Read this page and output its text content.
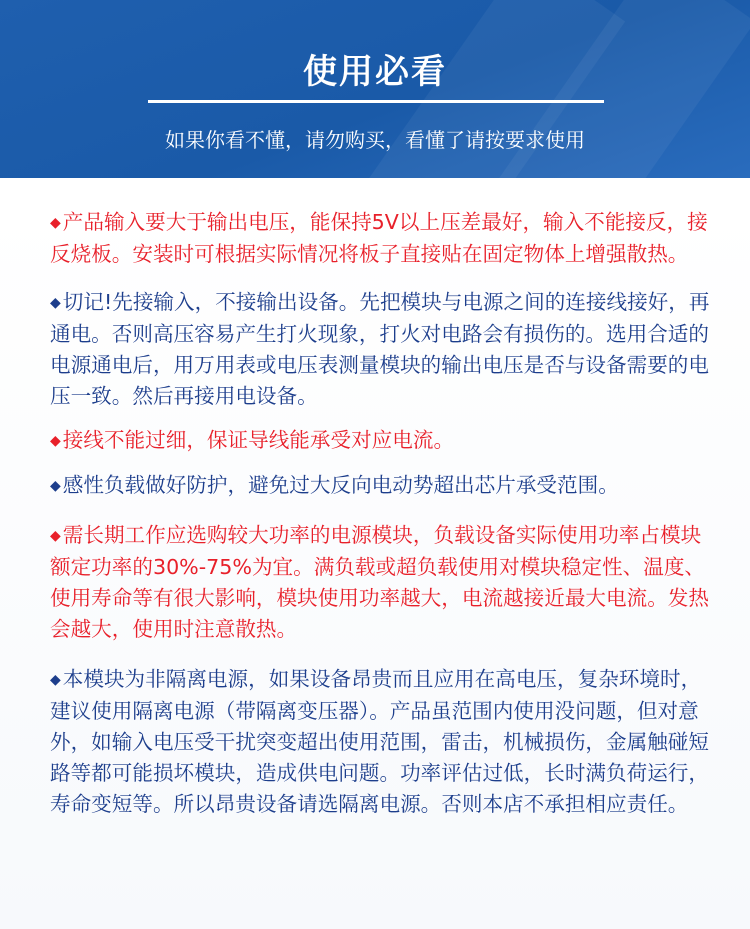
使用必看
如果你看不懂，请勿购买，看懂了请按要求使用

◆产品输入要大于输出电压，能保持5V以上压差最好，输入不能接反，接反烧板。安装时可根据实际情况将板子直接贴在固定物体上增强散热。

◆切记!先接输入，不接输出设备。先把模块与电源之间的连接线接好，再通电。否则高压容易产生打火现象，打火对电路会有损伤的。选用合适的电源通电后，用万用表或电压表测量模块的输出电压是否与设备需要的电压一致。然后再接用电设备。

◆接线不能过细，保证导线能承受对应电流。

◆感性负载做好防护，避免过大反向电动势超出芯片承受范围。

◆需长期工作应选购较大功率的电源模块，负载设备实际使用功率占模块额定功率的30%-75%为宜。满负载或超负载使用对模块稳定性、温度、使用寿命等有很大影响，模块使用功率越大，电流越接近最大电流。发热会越大，使用时注意散热。

◆本模块为非隔离电源，如果设备昂贵而且应用在高电压，复杂环境时，建议使用隔离电源（带隔离变压器）。产品虽范围内使用没问题，但对意外，如输入电压受干扰突变超出使用范围，雷击，机械损伤，金属触碰短路等都可能损坏模块，造成供电问题。功率评估过低，长时满负荷运行，寿命变短等。所以昂贵设备请选隔离电源。否则本店不承担相应责任。
